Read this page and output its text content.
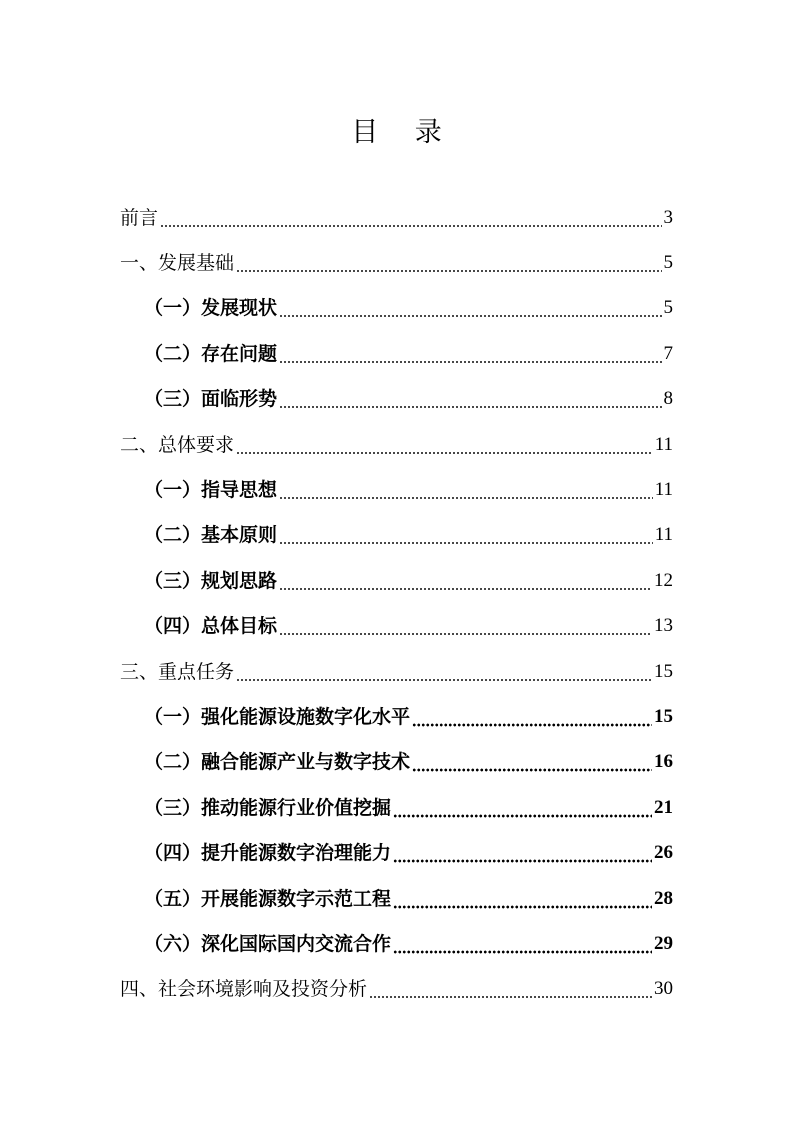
目 录
前言	3
一、发展基础	5
（一）发展现状	5
（二）存在问题	7
（三）面临形势	8
二、总体要求	11
（一）指导思想	11
（二）基本原则	11
（三）规划思路	12
（四）总体目标	13
三、重点任务	15
（一）强化能源设施数字化水平	15
（二）融合能源产业与数字技术	16
（三）推动能源行业价值挖掘	21
（四）提升能源数字治理能力	26
（五）开展能源数字示范工程	28
（六）深化国际国内交流合作	29
四、社会环境影响及投资分析	30
